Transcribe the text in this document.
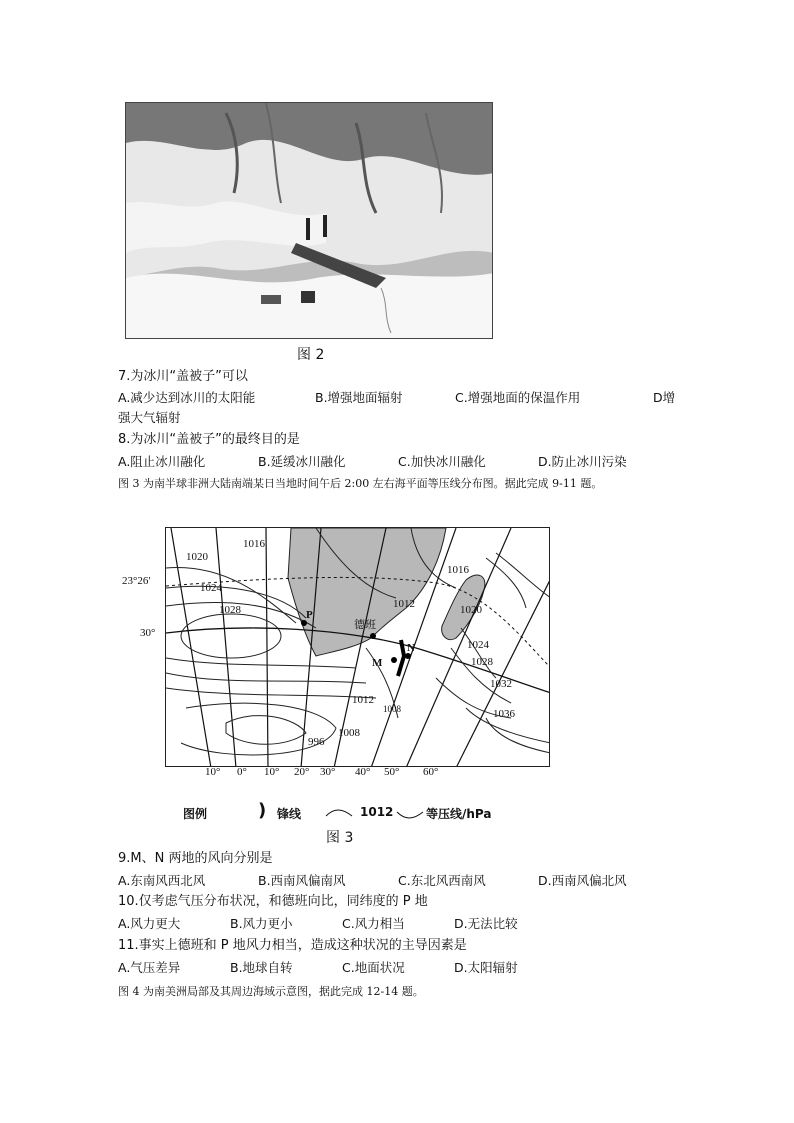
图 2
7.为冰川“盖被子”可以
A.减少达到冰川的太阳能	B.增强地面辐射	C.增强地面的保温作用	D增
强大气辐射
8.为冰川“盖被子”的最终目的是
A.阻止冰川融化	B.延缓冰川融化	C.加快冰川融化	D.防止冰川污染
图 3 为南半球非洲大陆南端某日当地时间午后 2:00 左右海平面等压线分布图。据此完成 9-11 题。
23°26′
30°
10° 0° 10° 20° 30° 40° 50° 60°
1016
1020
1024
1028	1012
1016
1020
1024
1028
1032
1036
1012
1008
1008
996
P
德班
M
N
图例	) 锋线	1012	等压线/hPa
图 3
9.M、N 两地的风向分别是
A.东南风西北风	B.西南风偏南风	C.东北风西南风	D.西南风偏北风
10.仅考虑气压分布状况，和德班向比，同纬度的 P 地
A.风力更大	B.风力更小	C.风力相当	D.无法比较
11.事实上德班和 P 地风力相当，造成这种状况的主导因素是
A.气压差异	B.地球自转	C.地面状况	D.太阳辐射
图 4 为南美洲局部及其周边海域示意图，据此完成 12-14 题。
